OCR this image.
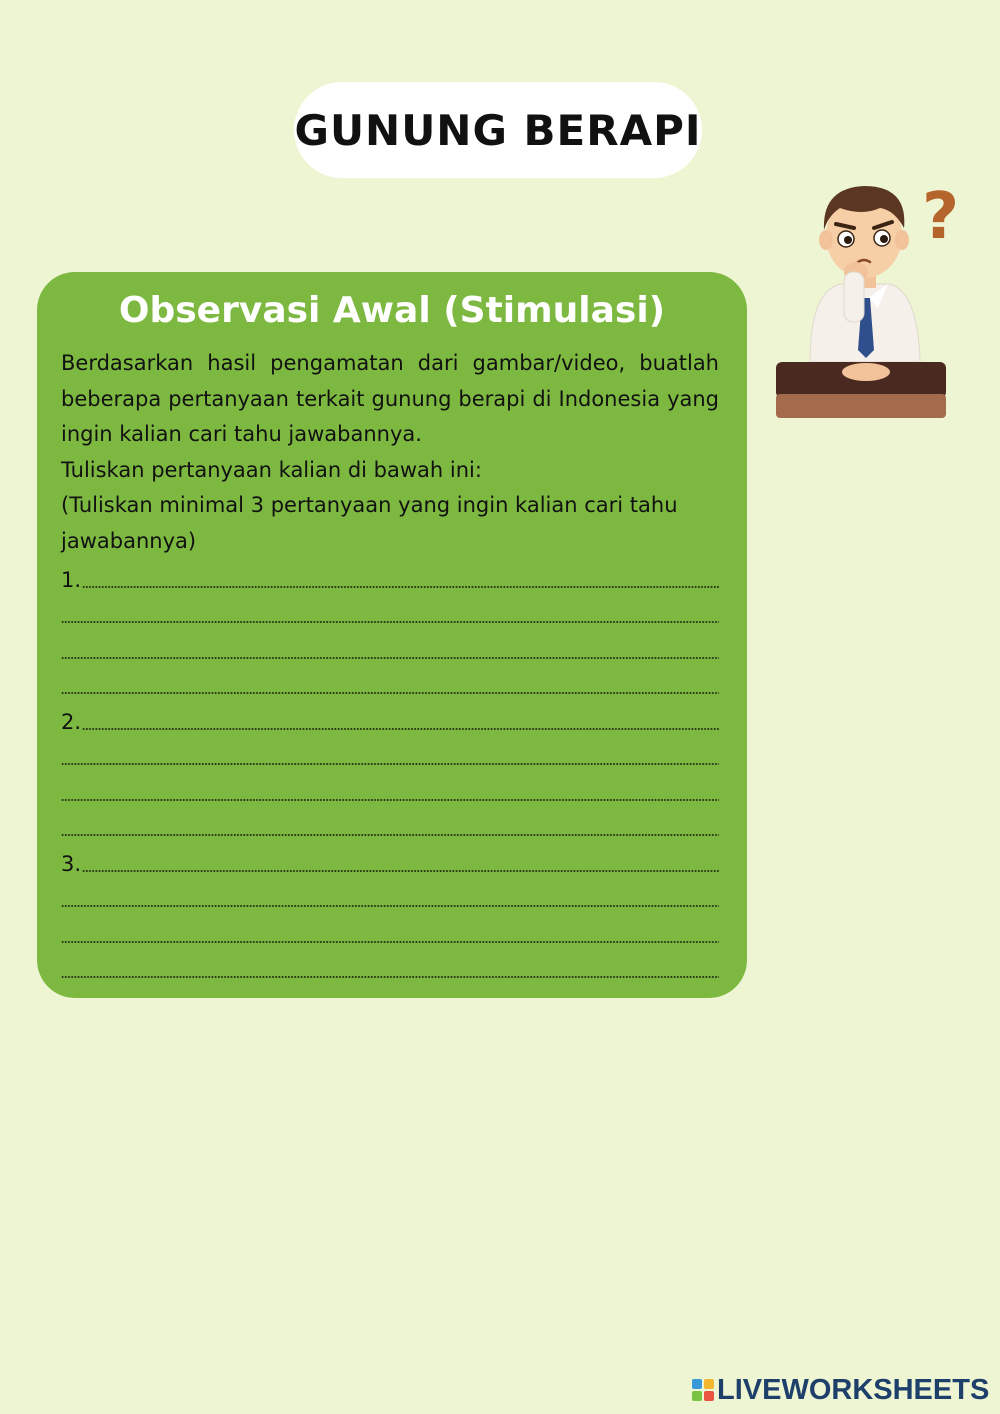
GUNUNG BERAPI
Observasi Awal (Stimulasi)

Berdasarkan hasil pengamatan dari gambar/video, buatlah beberapa pertanyaan terkait gunung berapi di Indonesia yang ingin kalian cari tahu jawabannya.

Tuliskan pertanyaan kalian di bawah ini:

(Tuliskan minimal 3 pertanyaan yang ingin kalian cari tahu jawabannya)

1.
2.
3.
?
LIVEWORKSHEETS
